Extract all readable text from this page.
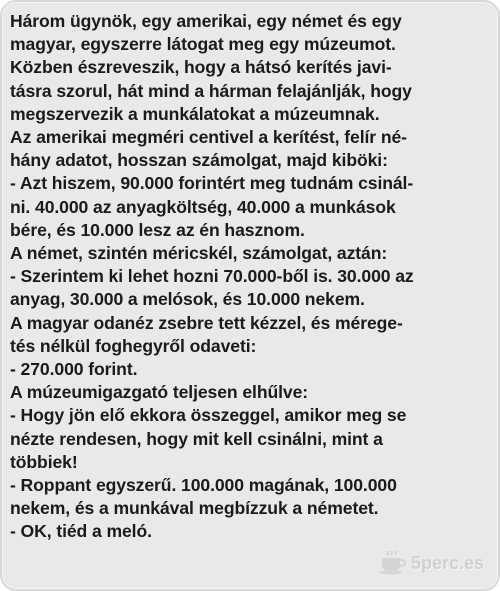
Három ügynök, egy amerikai, egy német és egy
magyar, egyszerre látogat meg egy múzeumot.
Közben észreveszik, hogy a hátsó kerítés javi-
tásra szorul, hát mind a hárman felajánlják, hogy
megszervezik a munkálatokat a múzeumnak.
Az amerikai megméri centivel a kerítést, felír né-
hány adatot, hosszan számolgat, majd kiböki:
- Azt hiszem, 90.000 forintért meg tudnám csinál-
ni. 40.000 az anyagköltség, 40.000 a munkások
bére, és 10.000 lesz az én hasznom.
A német, szintén méricskél, számolgat, aztán:
- Szerintem ki lehet hozni 70.000-ből is. 30.000 az
anyag, 30.000 a melósok, és 10.000 nekem.
A magyar odanéz zsebre tett kézzel, és mérege-
tés nélkül foghegyről odaveti:
- 270.000 forint.
A múzeumigazgató teljesen elhűlve:
- Hogy jön elő ekkora összeggel, amikor meg se
nézte rendesen, hogy mit kell csinálni, mint a
többiek!
- Roppant egyszerű. 100.000 magának, 100.000
nekem, és a munkával megbízzuk a németet.
- OK, tiéd a meló.
5perc.es
